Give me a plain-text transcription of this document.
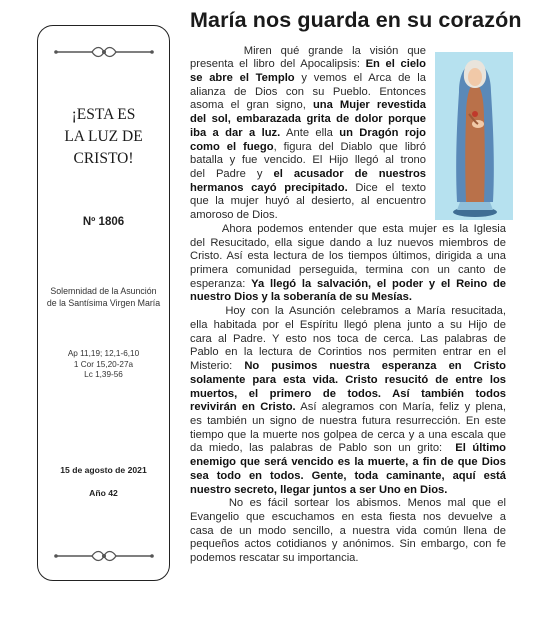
¡ESTA ES
LA LUZ DE
CRISTO!
Nº 1806
Solemnidad de la Asunción
de la Santísima Virgen María
Ap 11,19; 12,1-6,10
1 Cor 15,20-27a
Lc 1,39-56
15 de agosto de 2021
Año 42
María nos guarda en su corazón
Miren qué grande la visión que
presenta el libro del Apocalipsis: En el cielo
se abre el Templo y vemos el Arca de la
alianza de Dios con su Pueblo. Entonces
asoma el gran signo, una Mujer revestida
del sol, embarazada grita de dolor porque
iba a dar a luz. Ante ella un Dragón rojo
como el fuego, figura del Diablo que libró
batalla y fue vencido. El Hijo llegó al trono
del Padre y el acusador de nuestros
hermanos cayó precipitado. Dice el texto
que la mujer huyó al desierto, al encuentro
amoroso de Dios.
Ahora podemos entender que esta mujer es la Iglesia
del Resucitado, ella sigue dando a luz nuevos miembros de
Cristo. Así esta lectura de los tiempos últimos, dirigida a una
primera comunidad perseguida, termina con un canto de
esperanza: Ya llegó la salvación, el poder y el Reino de
nuestro Dios y la soberanía de su Mesías.
Hoy con la Asunción celebramos a María resucitada,
ella habitada por el Espíritu llegó plena junto a su Hijo de
cara al Padre. Y esto nos toca de cerca. Las palabras de
Pablo en la lectura de Corintios nos permiten entrar en el
Misterio: No pusimos nuestra esperanza en Cristo
solamente para esta vida. Cristo resucitó de entre los
muertos, el primero de todos. Así también todos
revivirán en Cristo. Así alegramos con María, feliz y plena,
es también un signo de nuestra futura resurrección. En este
tiempo que la muerte nos golpea de cerca y a una escala que
da miedo, las palabras de Pablo son un grito:  El último
enemigo que será vencido es la muerte, a fin de que Dios
sea todo en todos. Gente, toda caminante, aquí está
nuestro secreto, llegar juntos a ser Uno en Dios.
No es fácil sortear los abismos. Menos mal que el
Evangelio que escuchamos en esta fiesta nos devuelve a
casa de un modo sencillo, a nuestra vida común llena de
pequeños actos cotidianos y anónimos. Sin embargo, con fe
podemos rescatar su importancia.
